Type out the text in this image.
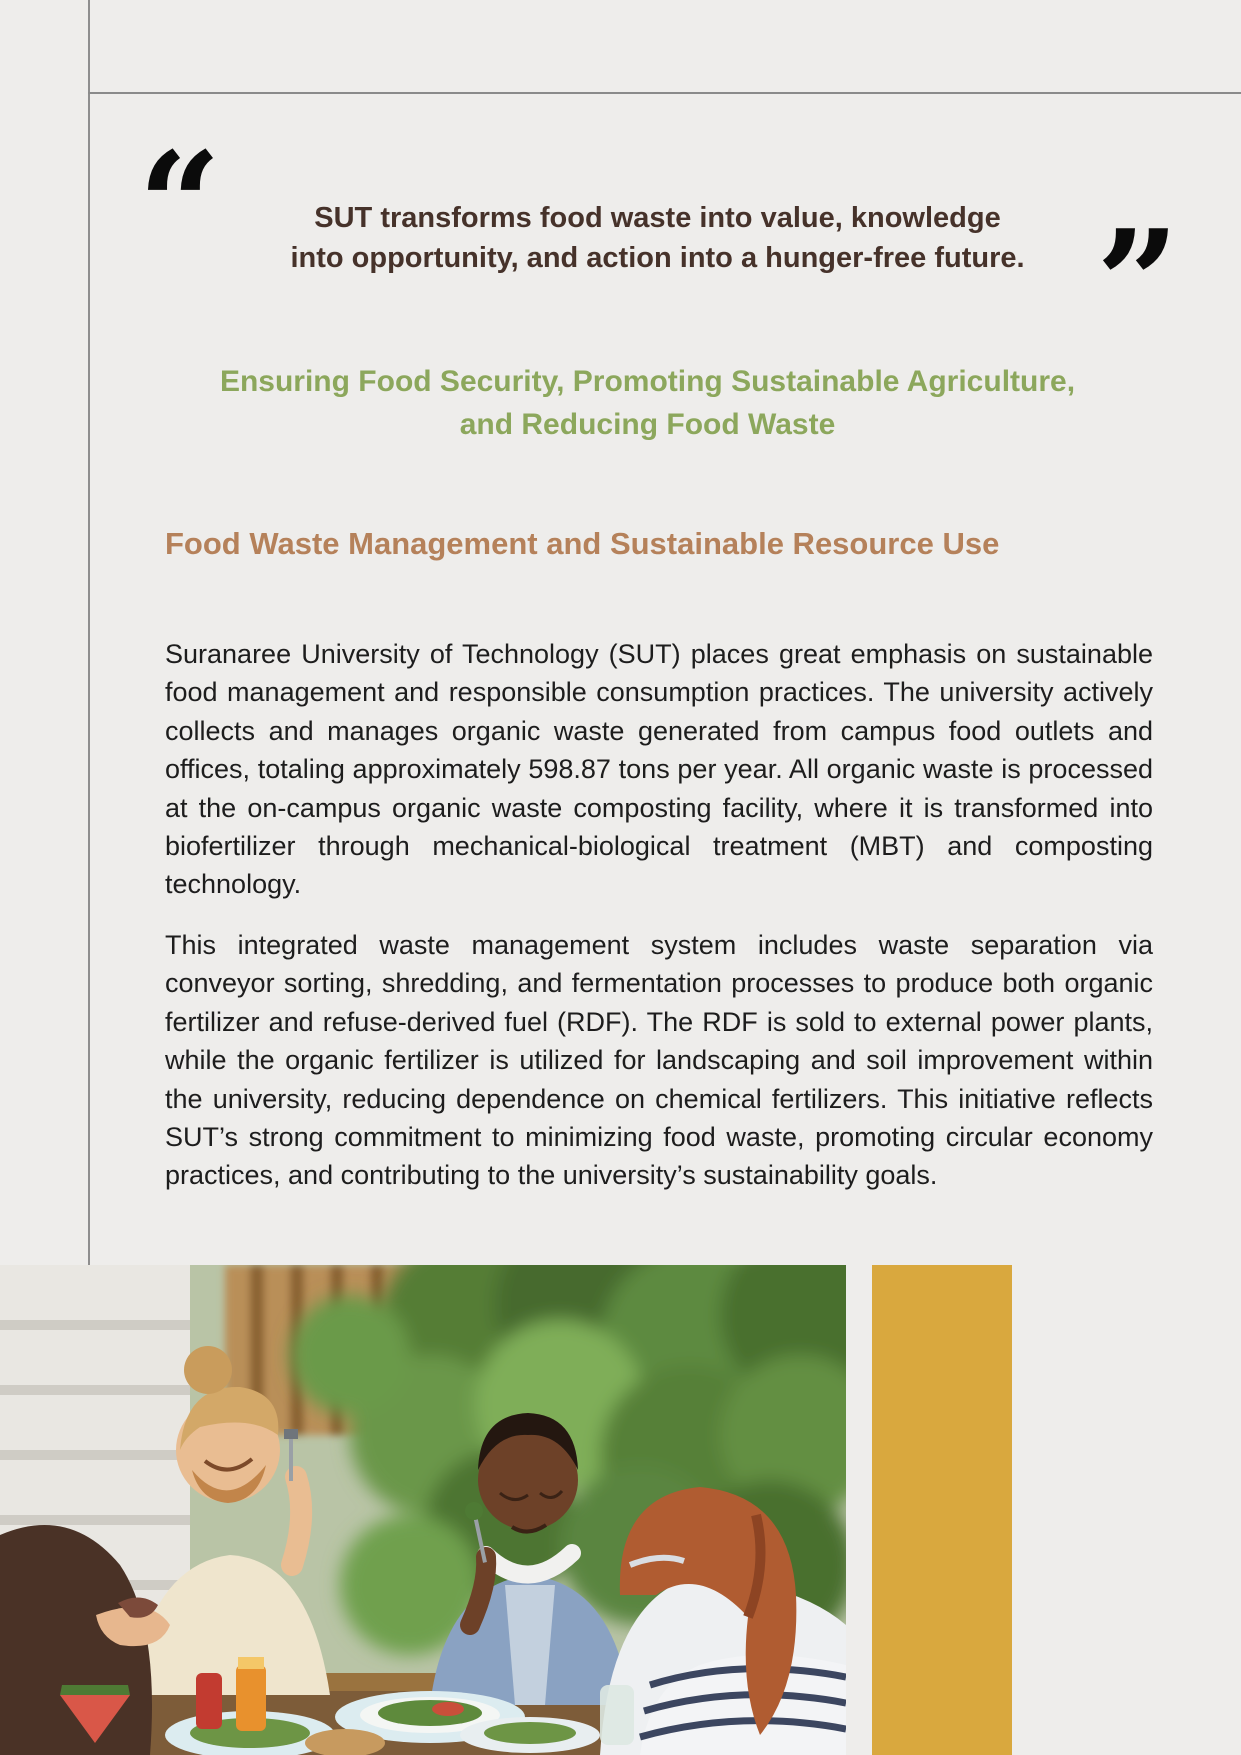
“	”
SUT transforms food waste into value, knowledge
into opportunity, and action into a hunger-free future.
Ensuring Food Security, Promoting Sustainable Agriculture,
and Reducing Food Waste
Food Waste Management and Sustainable Resource Use

Suranaree University of Technology (SUT) places great emphasis on sustainable food management and responsible consumption practices. The university actively collects and manages organic waste generated from campus food outlets and offices, totaling approximately 598.87 tons per year. All organic waste is processed at the on-campus organic waste composting facility, where it is transformed into biofertilizer through mechanical-biological treatment (MBT) and composting technology.

This integrated waste management system includes waste separation via conveyor sorting, shredding, and fermentation processes to produce both organic fertilizer and refuse-derived fuel (RDF). The RDF is sold to external power plants, while the organic fertilizer is utilized for landscaping and soil improvement within the university, reducing dependence on chemical fertilizers. This initiative reflects SUT’s strong commitment to minimizing food waste, promoting circular economy practices, and contributing to the university’s sustainability goals.
